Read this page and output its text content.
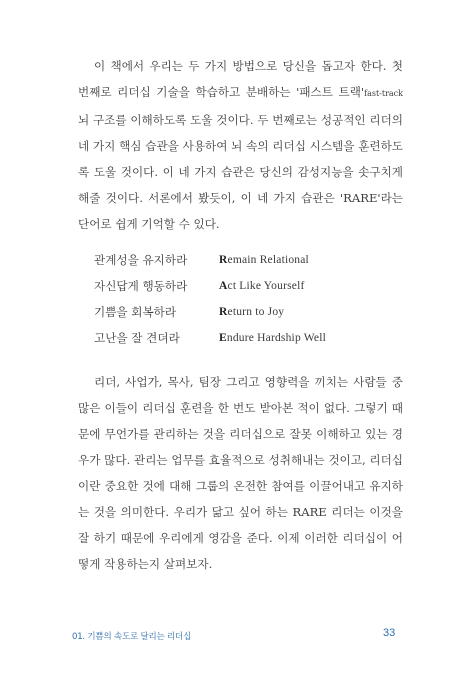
이 책에서 우리는 두 가지 방법으로 당신을 돕고자 한다. 첫 번째로 리더십 기술을 학습하고 분배하는 '패스트 트랙'fast-track 뇌 구조를 이해하도록 도울 것이다. 두 번째로는 성공적인 리더의 네 가지 핵심 습관을 사용하여 뇌 속의 리더십 시스템을 훈련하도록 도울 것이다. 이 네 가지 습관은 당신의 감성지능을 솟구치게 해줄 것이다. 서론에서 봤듯이, 이 네 가지 습관은 'RARE'라는 단어로 쉽게 기억할 수 있다.

관계성을 유지하라	Remain Relational
자신답게 행동하라	Act Like Yourself
기쁨을 회복하라	Return to Joy
고난을 잘 견뎌라	Endure Hardship Well

리더, 사업가, 목사, 팀장 그리고 영향력을 끼치는 사람들 중 많은 이들이 리더십 훈련을 한 번도 받아본 적이 없다. 그렇기 때문에 무언가를 관리하는 것을 리더십으로 잘못 이해하고 있는 경우가 많다. 관리는 업무를 효율적으로 성취해내는 것이고, 리더십이란 중요한 것에 대해 그룹의 온전한 참여를 이끌어내고 유지하는 것을 의미한다. 우리가 닮고 싶어 하는 RARE 리더는 이것을 잘 하기 때문에 우리에게 영감을 준다. 이제 이러한 리더십이 어떻게 작용하는지 살펴보자.

01. 기쁨의 속도로 달리는 리더십	33
